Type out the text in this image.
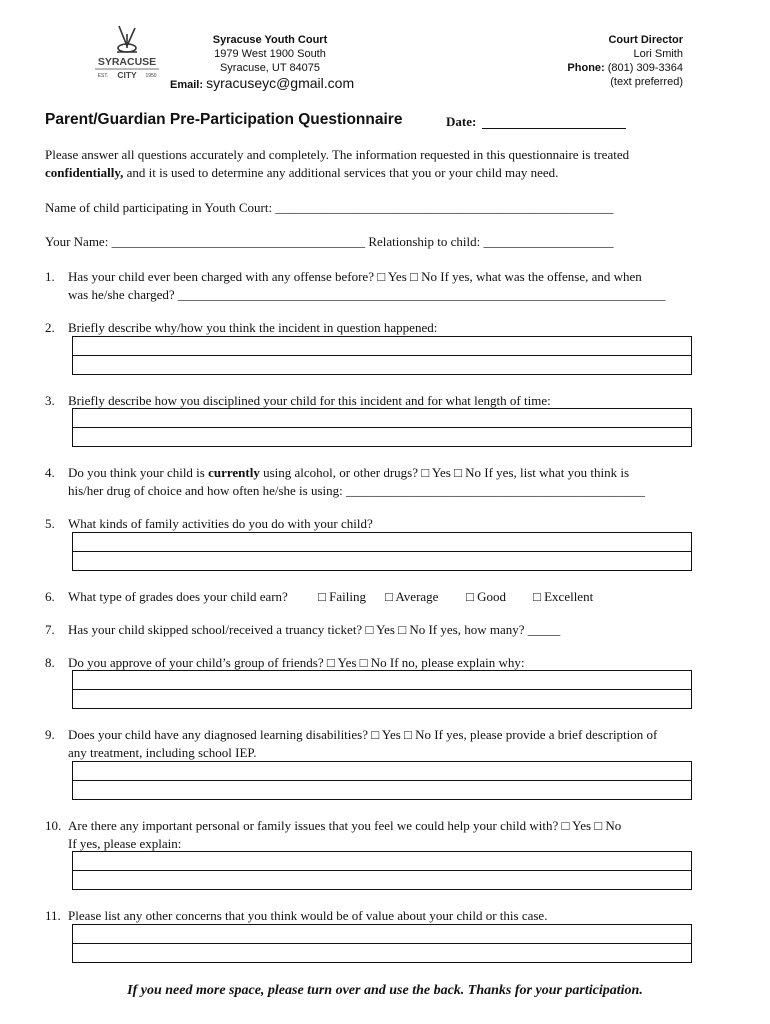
SYRACUSE
EST. CITY 1950
Syracuse Youth Court
1979 West 1900 South
Syracuse, UT 84075
Email: syracuseyc@gmail.com
Court Director
Lori Smith
Phone: (801) 309-3364
(text preferred)
Parent/Guardian Pre-Participation Questionnaire	Date:
Please answer all questions accurately and completely. The information requested in this questionnaire is treated
confidentially, and it is used to determine any additional services that you or your child may need.
Name of child participating in Youth Court: ____________________________________________________
Your Name: _______________________________________ Relationship to child: ____________________
1. Has your child ever been charged with any offense before? □ Yes □ No If yes, what was the offense, and when
was he/she charged? ___________________________________________________________________________
2. Briefly describe why/how you think the incident in question happened:
3. Briefly describe how you disciplined your child for this incident and for what length of time:
4. Do you think your child is currently using alcohol, or other drugs? □ Yes □ No If yes, list what you think is
his/her drug of choice and how often he/she is using: ______________________________________________
5. What kinds of family activities do you do with your child?
6. What type of grades does your child earn? □ Failing □ Average □ Good □ Excellent
7. Has your child skipped school/received a truancy ticket? □ Yes □ No If yes, how many? _____
8. Do you approve of your child’s group of friends? □ Yes □ No If no, please explain why:
9. Does your child have any diagnosed learning disabilities? □ Yes □ No If yes, please provide a brief description of
any treatment, including school IEP.
10. Are there any important personal or family issues that you feel we could help your child with? □ Yes □ No
If yes, please explain:
11. Please list any other concerns that you think would be of value about your child or this case.
If you need more space, please turn over and use the back. Thanks for your participation.
